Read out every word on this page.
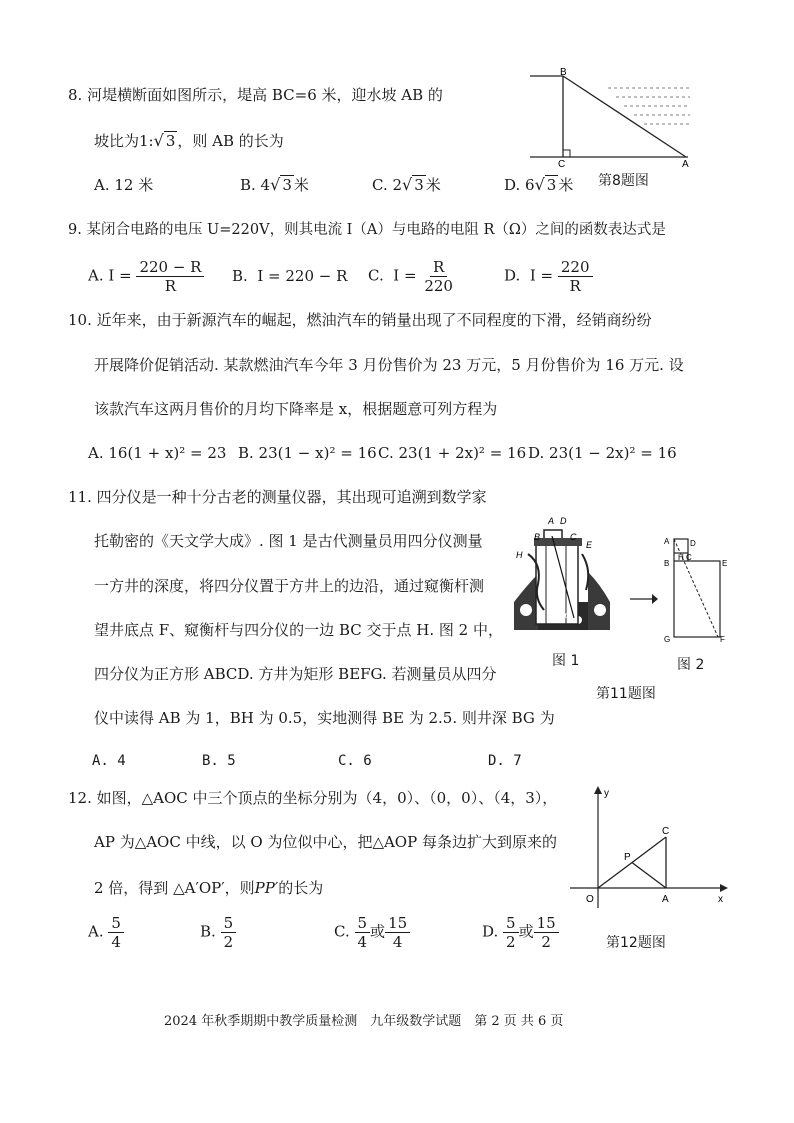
8. 河堤横断面如图所示，堤高 BC=6 米，迎水坡 AB 的
坡比为1:√ 3 ，则 AB 的长为
A. 12 米	B. 4√ 3 米	C. 2√ 3 米	D. 6√ 3 米 第8题图
B
C	A
9. 某闭合电路的电压 U=220V，则其电流 I（A）与电路的电阻 R（Ω）之间的函数表达式是
A. $I = \frac{220 - R}{R} B$. I = 220 − R C. $I = \frac{R}{220}$	D. $I = \frac{220}{R}$
10. 近年来，由于新源汽车的崛起，燃油汽车的销量出现了不同程度的下滑，经销商纷纷
开展降价促销活动. 某款燃油汽车今年 3 月份售价为 23 万元，5 月份售价为 16 万元. 设
该款汽车这两月售价的月均下降率是 x，根据题意可列方程为
A. 16(1 + x)² = 23 B. 23(1 − x)² = 16 C. 23(1 + 2x)² = 16 D. 23(1 − 2x)² = 16
11. 四分仪是一种十分古老的测量仪器，其出现可追溯到数学家
托勒密的《天文学大成》. 图 1 是古代测量员用四分仪测量
一方井的深度，将四分仪置于方井上的边沿，通过窥衡杆测
望井底点 F、窥衡杆与四分仪的一边 BC 交于点 H. 图 2 中，
四分仪为正方形 ABCD. 方井为矩形 BEFG. 若测量员从四分
仪中读得 AB 为 1，BH 为 0.5，实地测得 BE 为 2.5. 则井深 BG 为
A. 4	B. 5	C. 6	D. 7
A D
B	C
H
E
G F
A	D
H C
B	E
G	F
图 1	图 2
第11题图
12. 如图，△AOC 中三个顶点的坐标分别为（4，0）、（0，0）、（4，3），
AP 为△AOC 中线，以 O 为位似中心，把△AOP 每条边扩大到原来的
2 倍，得到 △A′OP′，则PP′的长为
A. $\frac{5}{4}$	B. $\frac{5}{2}$	C. $\frac{5}{4}$ 或 $\frac{15}{4}$	D. $\frac{5}{2}$ 或 $\frac{15}{2}$	第12题图
y
x
O	A
C
P
2024 年秋季期期中教学质量检测　九年级数学试题　第 2 页 共 6 页
